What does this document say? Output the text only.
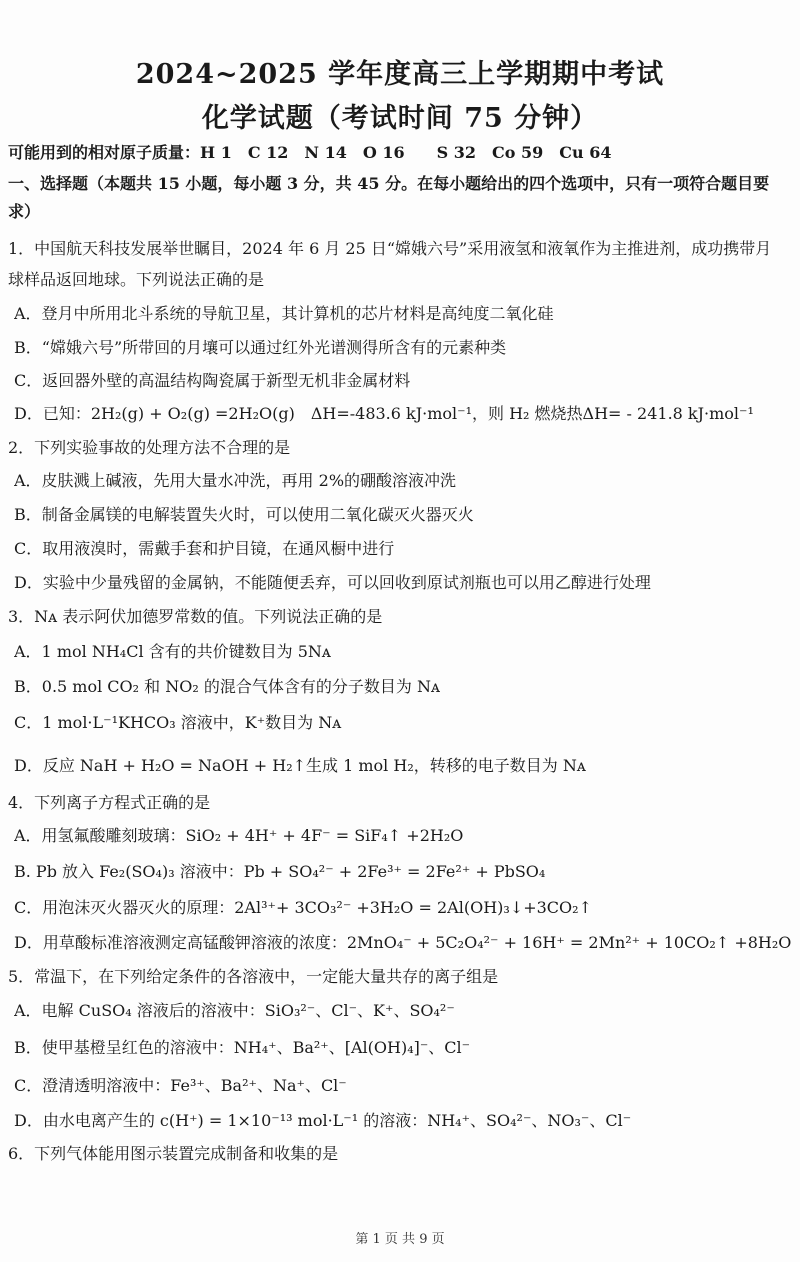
2024~2025 学年度高三上学期期中考试
化学试题（考试时间 75 分钟）
可能用到的相对原子质量：H 1　C 12　N 14　O 16　　S 32　Co 59　Cu 64
一、选择题（本题共 15 小题，每小题 3 分，共 45 分。在每小题给出的四个选项中，只有一项符合题目要
求）
1．中国航天科技发展举世瞩目，2024 年 6 月 25 日“嫦娥六号”采用液氢和液氧作为主推进剂，成功携带月
球样品返回地球。下列说法正确的是
A．登月中所用北斗系统的导航卫星，其计算机的芯片材料是高纯度二氧化硅
B．“嫦娥六号”所带回的月壤可以通过红外光谱测得所含有的元素种类
C．返回器外壁的高温结构陶瓷属于新型无机非金属材料
D．已知：2H₂(g) + O₂(g) =2H₂O(g)　ΔH=-483.6 kJ·mol⁻¹，则 H₂ 燃烧热ΔH= - 241.8 kJ·mol⁻¹
2．下列实验事故的处理方法不合理的是
A．皮肤溅上碱液，先用大量水冲洗，再用 2%的硼酸溶液冲洗
B．制备金属镁的电解装置失火时，可以使用二氧化碳灭火器灭火
C．取用液溴时，需戴手套和护目镜，在通风橱中进行
D．实验中少量残留的金属钠，不能随便丢弃，可以回收到原试剂瓶也可以用乙醇进行处理
3．Nᴀ 表示阿伏加德罗常数的值。下列说法正确的是
A．1 mol NH₄Cl 含有的共价键数目为 5Nᴀ
B．0.5 mol CO₂ 和 NO₂ 的混合气体含有的分子数目为 Nᴀ
C．1 mol·L⁻¹KHCO₃ 溶液中，K⁺数目为 Nᴀ
D．反应 NaH + H₂O = NaOH + H₂↑生成 1 mol H₂，转移的电子数目为 Nᴀ
4．下列离子方程式正确的是
A．用氢氟酸雕刻玻璃：SiO₂ + 4H⁺ + 4F⁻ = SiF₄↑ +2H₂O
B. Pb 放入 Fe₂(SO₄)₃ 溶液中：Pb + SO₄²⁻ + 2Fe³⁺ = 2Fe²⁺ + PbSO₄
C．用泡沫灭火器灭火的原理：2Al³⁺+ 3CO₃²⁻ +3H₂O = 2Al(OH)₃↓+3CO₂↑
D．用草酸标准溶液测定高锰酸钾溶液的浓度：2MnO₄⁻ + 5C₂O₄²⁻ + 16H⁺ = 2Mn²⁺ + 10CO₂↑ +8H₂O
5．常温下，在下列给定条件的各溶液中，一定能大量共存的离子组是
A．电解 CuSO₄ 溶液后的溶液中：SiO₃²⁻、Cl⁻、K⁺、SO₄²⁻
B．使甲基橙呈红色的溶液中：NH₄⁺、Ba²⁺、[Al(OH)₄]⁻、Cl⁻
C．澄清透明溶液中：Fe³⁺、Ba²⁺、Na⁺、Cl⁻
D．由水电离产生的 c(H⁺) = 1×10⁻¹³ mol·L⁻¹ 的溶液：NH₄⁺、SO₄²⁻、NO₃⁻、Cl⁻
6．下列气体能用图示装置完成制备和收集的是
第 1 页 共 9 页
